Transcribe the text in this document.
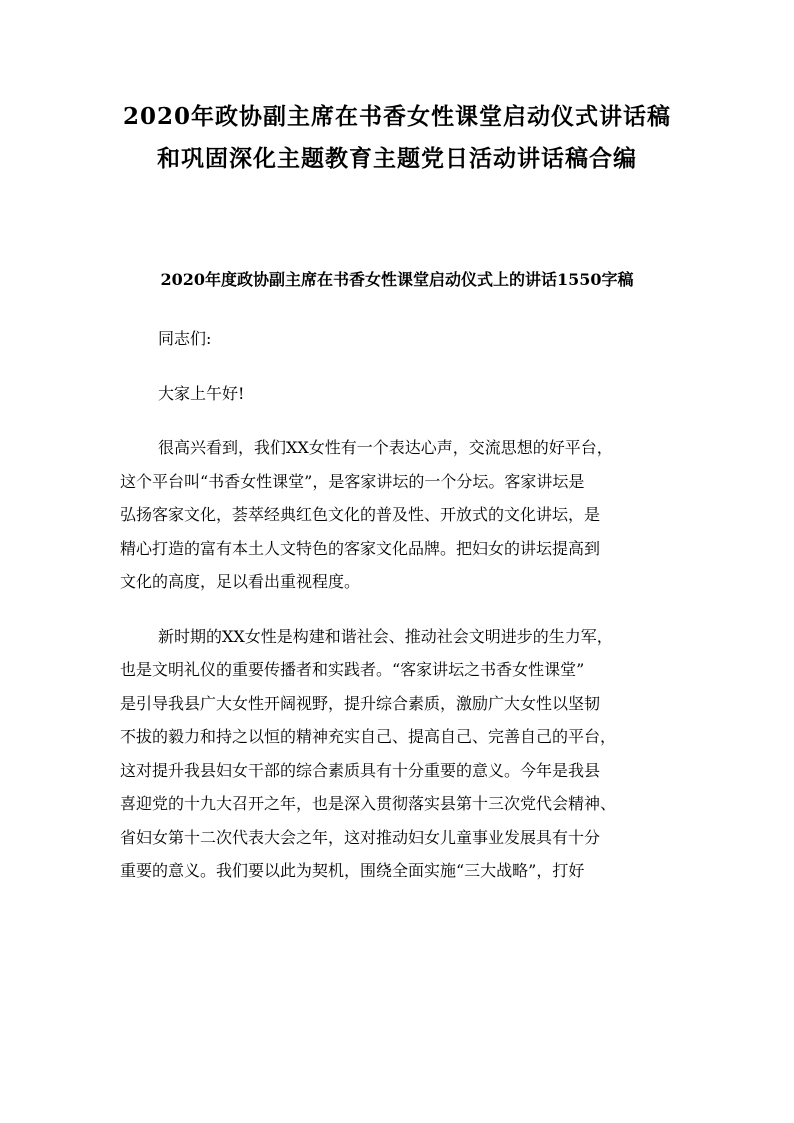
2020年政协副主席在书香女性课堂启动仪式讲话稿
和巩固深化主题教育主题党日活动讲话稿合编
2020年度政协副主席在书香女性课堂启动仪式上的讲话1550字稿

同志们:

大家上午好!

很高兴看到，我们XX女性有一个表达心声，交流思想的好平台，
这个平台叫“书香女性课堂”，是客家讲坛的一个分坛。客家讲坛是
弘扬客家文化，荟萃经典红色文化的普及性、开放式的文化讲坛，是
精心打造的富有本土人文特色的客家文化品牌。把妇女的讲坛提高到
文化的高度，足以看出重视程度。

新时期的XX女性是构建和谐社会、推动社会文明进步的生力军，
也是文明礼仪的重要传播者和实践者。“客家讲坛之书香女性课堂”
是引导我县广大女性开阔视野，提升综合素质，激励广大女性以坚韧
不拔的毅力和持之以恒的精神充实自己、提高自己、完善自己的平台，
这对提升我县妇女干部的综合素质具有十分重要的意义。今年是我县
喜迎党的十九大召开之年，也是深入贯彻落实县第十三次党代会精神、
省妇女第十二次代表大会之年，这对推动妇女儿童事业发展具有十分
重要的意义。我们要以此为契机，围绕全面实施“三大战略”，打好
